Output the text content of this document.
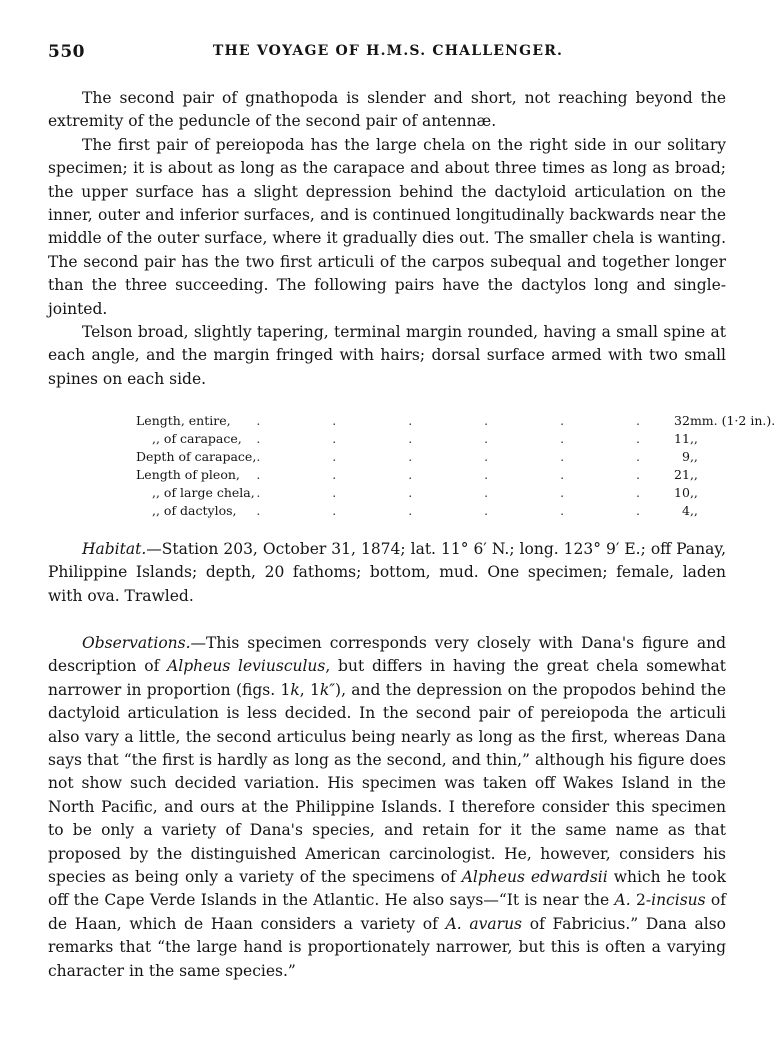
550	THE VOYAGE OF H.M.S. CHALLENGER.

The second pair of gnathopoda is slender and short, not reaching beyond the extremity of the peduncle of the second pair of antennæ.

The first pair of pereiopoda has the large chela on the right side in our solitary specimen; it is about as long as the carapace and about three times as long as broad; the upper surface has a slight depression behind the dactyloid articulation on the inner, outer and inferior surfaces, and is continued longitudinally backwards near the middle of the outer surface, where it gradually dies out. The smaller chela is wanting. The second pair has the two first articuli of the carpos subequal and together longer than the three succeeding. The following pairs have the dactylos long and single-jointed.

Telson broad, slightly tapering, terminal margin rounded, having a small spine at each angle, and the margin fringed with hairs; dorsal surface armed with two small spines on each side.

Length, entire,	. . . . . .	32	mm. (1·2 in.).
,, of carapace,	. . . . . .	11	,,
Depth of carapace,	. . . . . .	9	,,
Length of pleon,	. . . . . .	21	,,
,, of large chela,	. . . . . .	10	,,
,, of dactylos,	. . . . . .	4	,,

Habitat.—Station 203, October 31, 1874; lat. 11° 6′ N.; long. 123° 9′ E.; off Panay, Philippine Islands; depth, 20 fathoms; bottom, mud. One specimen; female, laden with ova. Trawled.

Observations.—This specimen corresponds very closely with Dana's figure and description of Alpheus leviusculus, but differs in having the great chela somewhat narrower in proportion (figs. 1k, 1k″), and the depression on the propodos behind the dactyloid articulation is less decided. In the second pair of pereiopoda the articuli also vary a little, the second articulus being nearly as long as the first, whereas Dana says that “the first is hardly as long as the second, and thin,” although his figure does not show such decided variation. His specimen was taken off Wakes Island in the North Pacific, and ours at the Philippine Islands. I therefore consider this specimen to be only a variety of Dana's species, and retain for it the same name as that proposed by the distinguished American carcinologist. He, however, considers his species as being only a variety of the specimens of Alpheus edwardsii which he took off the Cape Verde Islands in the Atlantic. He also says—“It is near the A. 2-incisus of de Haan, which de Haan considers a variety of A. avarus of Fabricius.” Dana also remarks that “the large hand is proportionately narrower, but this is often a varying character in the same species.”
